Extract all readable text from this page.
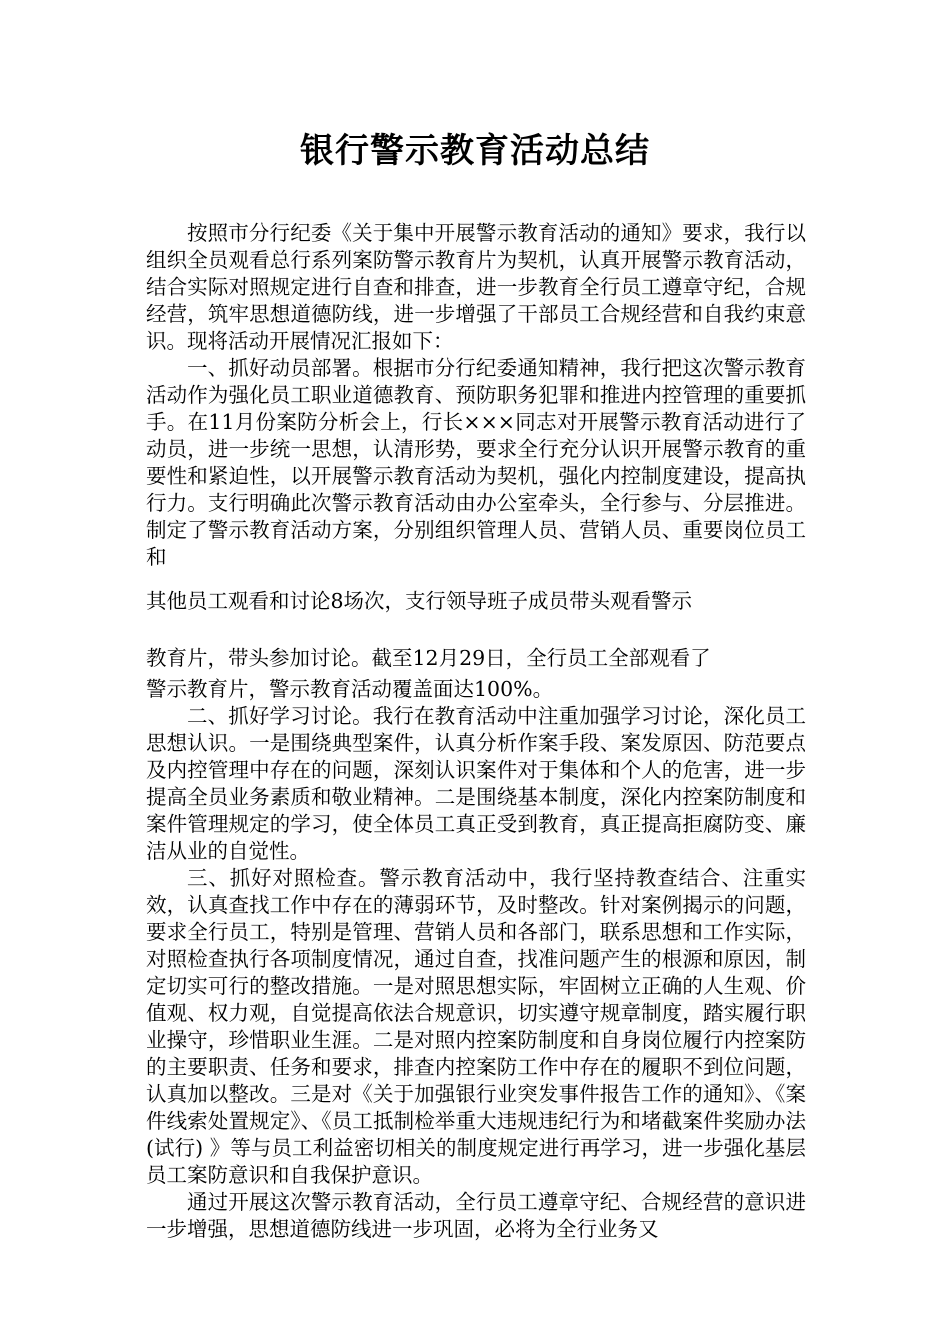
银行警示教育活动总结

按照市分行纪委《关于集中开展警示教育活动的通知》要求，我行以组织全员观看总行系列案防警示教育片为契机，认真开展警示教育活动，结合实际对照规定进行自查和排查，进一步教育全行员工遵章守纪，合规经营，筑牢思想道德防线，进一步增强了干部员工合规经营和自我约束意识。现将活动开展情况汇报如下：

一、抓好动员部署。根据市分行纪委通知精神，我行把这次警示教育活动作为强化员工职业道德教育、预防职务犯罪和推进内控管理的重要抓手。在11月份案防分析会上，行长×××同志对开展警示教育活动进行了动员，进一步统一思想，认清形势，要求全行充分认识开展警示教育的重要性和紧迫性，以开展警示教育活动为契机，强化内控制度建设，提高执行力。支行明确此次警示教育活动由办公室牵头，全行参与、分层推进。制定了警示教育活动方案，分别组织管理人员、营销人员、重要岗位员工和

其他员工观看和讨论8场次，支行领导班子成员带头观看警示

教育片，带头参加讨论。截至12月29日，全行员工全部观看了

警示教育片，警示教育活动覆盖面达100%。

二、抓好学习讨论。我行在教育活动中注重加强学习讨论，深化员工思想认识。一是围绕典型案件，认真分析作案手段、案发原因、防范要点及内控管理中存在的问题，深刻认识案件对于集体和个人的危害，进一步提高全员业务素质和敬业精神。二是围绕基本制度，深化内控案防制度和案件管理规定的学习，使全体员工真正受到教育，真正提高拒腐防变、廉洁从业的自觉性。

三、抓好对照检查。警示教育活动中，我行坚持教查结合、注重实效，认真查找工作中存在的薄弱环节，及时整改。针对案例揭示的问题，要求全行员工，特别是管理、营销人员和各部门，联系思想和工作实际，对照检查执行各项制度情况，通过自查，找准问题产生的根源和原因，制定切实可行的整改措施。一是对照思想实际，牢固树立正确的人生观、价值观、权力观，自觉提高依法合规意识，切实遵守规章制度，踏实履行职业操守，珍惜职业生涯。二是对照内控案防制度和自身岗位履行内控案防的主要职责、任务和要求，排查内控案防工作中存在的履职不到位问题，认真加以整改。三是对《关于加强银行业突发事件报告工作的通知》、《案件线索处置规定》、《员工抵制检举重大违规违纪行为和堵截案件奖励办法(试行) 》等与员工利益密切相关的制度规定进行再学习，进一步强化基层员工案防意识和自我保护意识。

通过开展这次警示教育活动，全行员工遵章守纪、合规经营的意识进一步增强，思想道德防线进一步巩固，必将为全行业务又
